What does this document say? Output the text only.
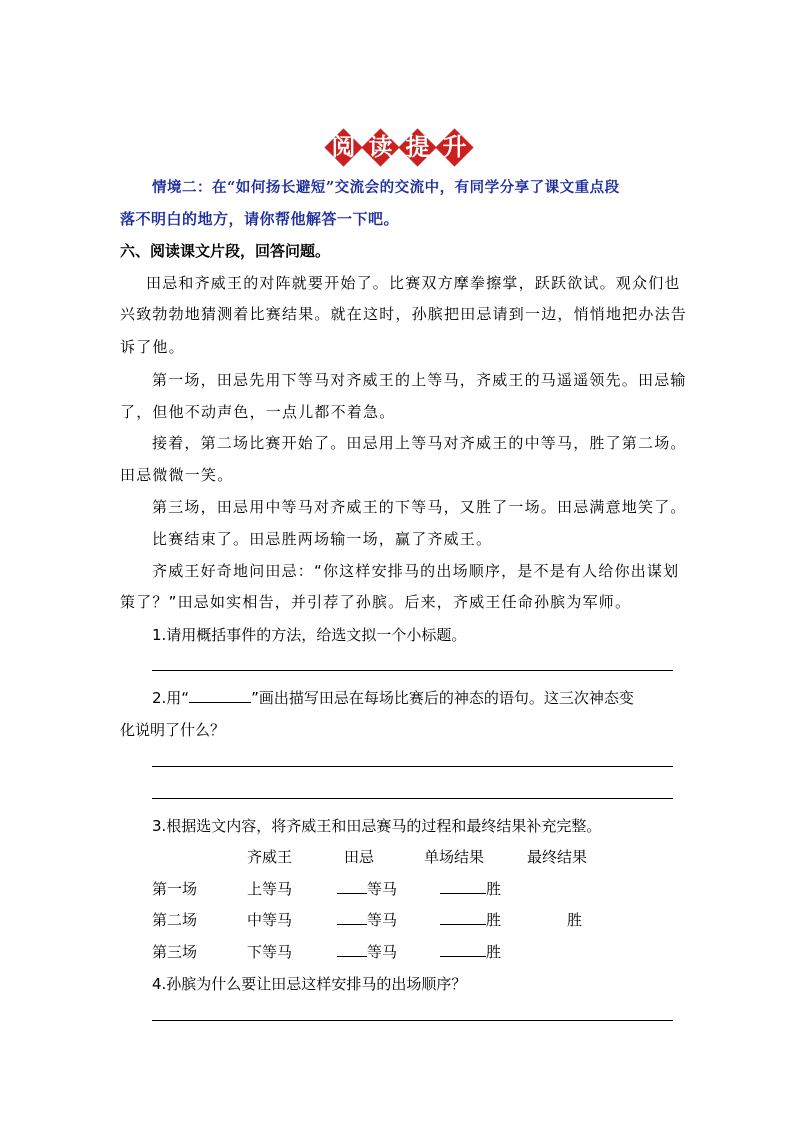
阅 读 提 升
情境二：在“如何扬长避短”交流会的交流中，有同学分享了课文重点段
落不明白的地方，请你帮他解答一下吧。
六、阅读课文片段，回答问题。
田忌和齐威王的对阵就要开始了。比赛双方摩拳擦掌，跃跃欲试。观众们也
兴致勃勃地猜测着比赛结果。就在这时，孙膑把田忌请到一边，悄悄地把办法告
诉了他。
第一场，田忌先用下等马对齐威王的上等马，齐威王的马遥遥领先。田忌输
了，但他不动声色，一点儿都不着急。
接着，第二场比赛开始了。田忌用上等马对齐威王的中等马，胜了第二场。
田忌微微一笑。
第三场，田忌用中等马对齐威王的下等马，又胜了一场。田忌满意地笑了。
比赛结束了。田忌胜两场输一场，赢了齐威王。
齐威王好奇地问田忌：“你这样安排马的出场顺序，是不是有人给你出谋划
策了？”田忌如实相告，并引荐了孙膑。后来，齐威王任命孙膑为军师。
1.请用概括事件的方法，给选文拟一个小标题。
2.用“	”画出描写田忌在每场比赛后的神态的语句。这三次神态变
化说明了什么？
3.根据选文内容，将齐威王和田忌赛马的过程和最终结果补充完整。
齐威王	田忌	单场结果	最终结果
第一场	上等马	等马	胜
第二场	中等马	等马	胜	胜
第三场	下等马	等马	胜
4.孙膑为什么要让田忌这样安排马的出场顺序？
